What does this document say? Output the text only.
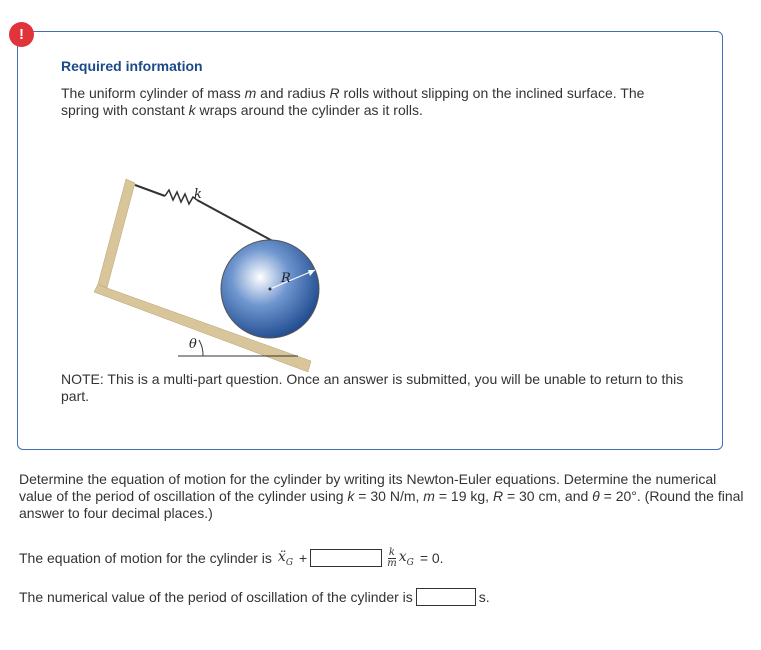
!
Required information
The uniform cylinder of mass m and radius R rolls without slipping on the inclined surface. The spring with constant k wraps around the cylinder as it rolls.
k
R
θ
NOTE: This is a multi-part question. Once an answer is submitted, you will be unable to return to this part.
Determine the equation of motion for the cylinder by writing its Newton-Euler equations. Determine the numerical value of the period of oscillation of the cylinder using k = 30 N/m, m = 19 kg, R = 30 cm, and θ = 20°. (Round the final answer to four decimal places.)
The equation of motion for the cylinder is ẍ$_G$ +	$\frac{k}{m} x_G = 0$.
The numerical value of the period of oscillation of the cylinder is	s.
